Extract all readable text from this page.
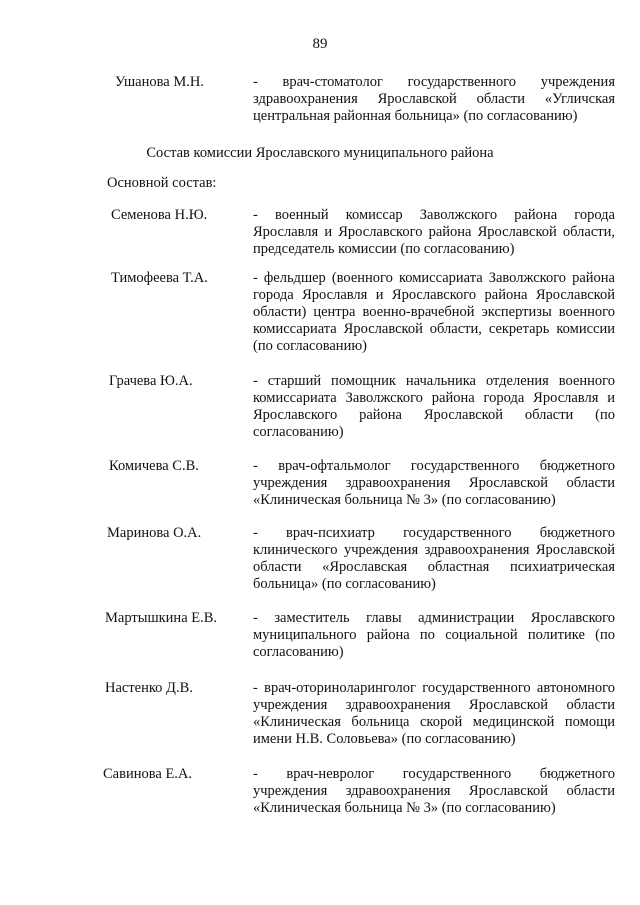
89
Ушанова М.Н.	- врач-стоматолог государственного учреждения здравоохранения Ярославской области «Угличская центральная районная больница» (по согласованию)
Состав комиссии Ярославского муниципального района
Основной состав:
Семенова Н.Ю.	- военный комиссар Заволжского района города Ярославля и Ярославского района Ярославской области, председатель комиссии (по согласованию)
Тимофеева Т.А.	- фельдшер (военного комиссариата Заволжского района города Ярославля и Ярославского района Ярославской области) центра военно-врачебной экспертизы военного комиссариата Ярославской области, секретарь комиссии (по согласованию)
Грачева Ю.А.	- старший помощник начальника отделения военного комиссариата Заволжского района города Ярославля и Ярославского района Ярославской области (по согласованию)
Комичева С.В.	- врач-офтальмолог государственного бюджетного учреждения здравоохранения Ярославской области «Клиническая больница № 3» (по согласованию)
Маринова О.А.	- врач-психиатр государственного бюджетного клинического учреждения здравоохранения Ярославской области «Ярославская областная психиатрическая больница» (по согласованию)
Мартышкина Е.В. - заместитель главы администрации Ярославского муниципального района по социальной политике (по согласованию)
Настенко Д.В.	- врач-оториноларинголог государственного автономного учреждения здравоохранения Ярославской области «Клиническая больница скорой медицинской помощи имени Н.В. Соловьева» (по согласованию)
Савинова Е.А.	- врач-невролог государственного бюджетного учреждения здравоохранения Ярославской области «Клиническая больница № 3» (по согласованию)
